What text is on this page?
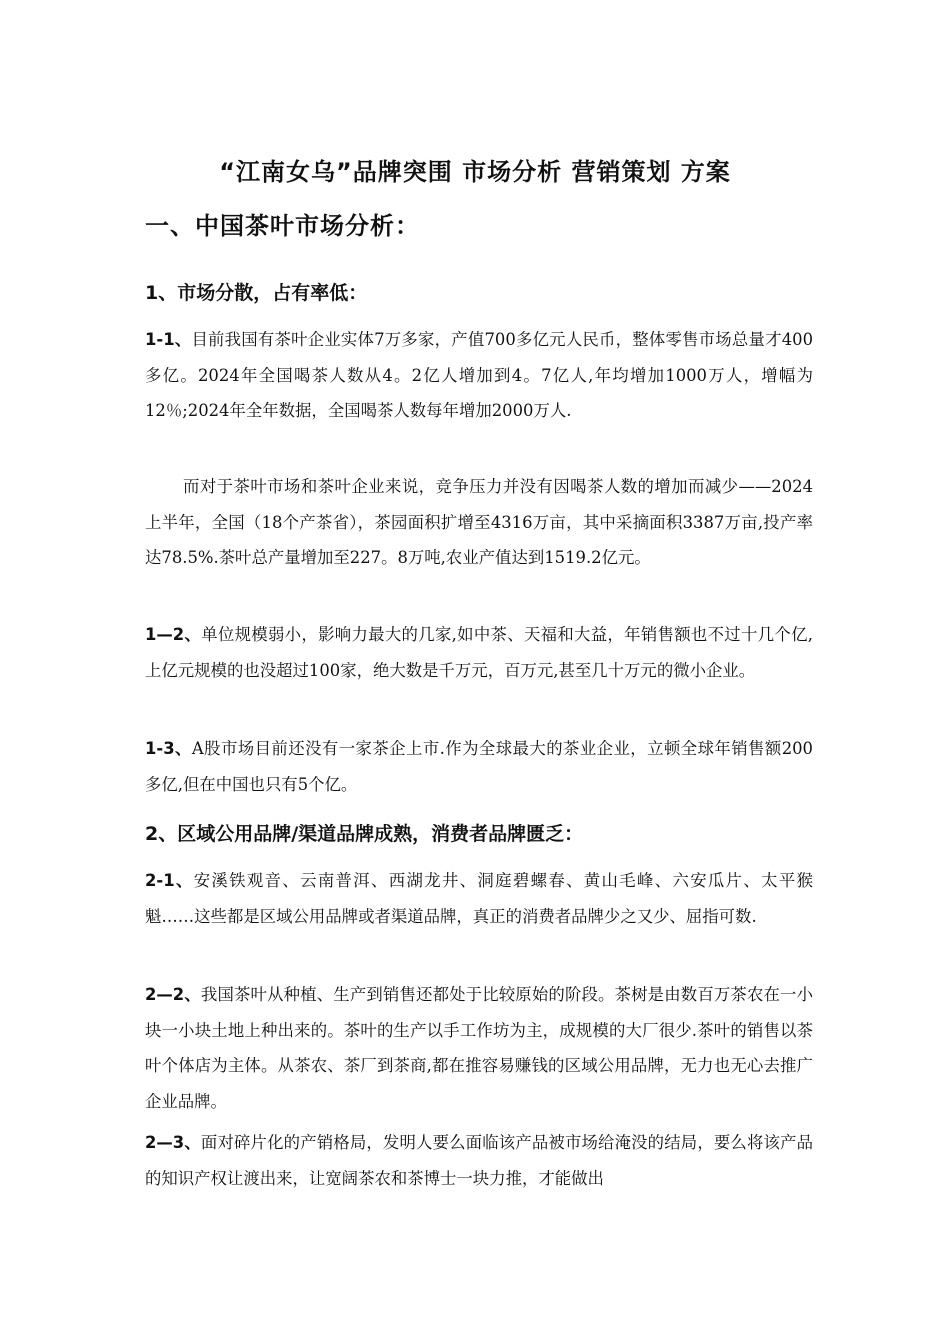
“江南女乌”品牌突围 市场分析 营销策划 方案
一、中国茶叶市场分析：
1、市场分散，占有率低：

1-1、目前我国有茶叶企业实体7万多家，产值700多亿元人民币，整体零售市场总量才400多亿。2024年全国喝茶人数从4。2亿人增加到4。7亿人,年均增加1000万人，增幅为12％;2024年全年数据，全国喝茶人数每年增加2000万人.

而对于茶叶市场和茶叶企业来说，竞争压力并没有因喝茶人数的增加而减少——2024上半年，全国（18个产茶省），茶园面积扩增至4316万亩，其中采摘面积3387万亩,投产率达78.5%.茶叶总产量增加至227。8万吨,农业产值达到1519.2亿元。

1—2、单位规模弱小，影响力最大的几家,如中茶、天福和大益，年销售额也不过十几个亿,上亿元规模的也没超过100家，绝大数是千万元，百万元,甚至几十万元的微小企业。

1-3、A股市场目前还没有一家茶企上市.作为全球最大的茶业企业，立顿全球年销售额200多亿,但在中国也只有5个亿。

2、区域公用品牌/渠道品牌成熟，消费者品牌匮乏：

2-1、安溪铁观音、云南普洱、西湖龙井、洞庭碧螺春、黄山毛峰、六安瓜片、太平猴魁……这些都是区域公用品牌或者渠道品牌，真正的消费者品牌少之又少、屈指可数.

2—2、我国茶叶从种植、生产到销售还都处于比较原始的阶段。茶树是由数百万茶农在一小块一小块土地上种出来的。茶叶的生产以手工作坊为主，成规模的大厂很少.茶叶的销售以茶叶个体店为主体。从茶农、茶厂到茶商,都在推容易赚钱的区域公用品牌，无力也无心去推广企业品牌。

2—3、面对碎片化的产销格局，发明人要么面临该产品被市场给淹没的结局，要么将该产品的知识产权让渡出来，让宽阔茶农和茶博士一块力推，才能做出
